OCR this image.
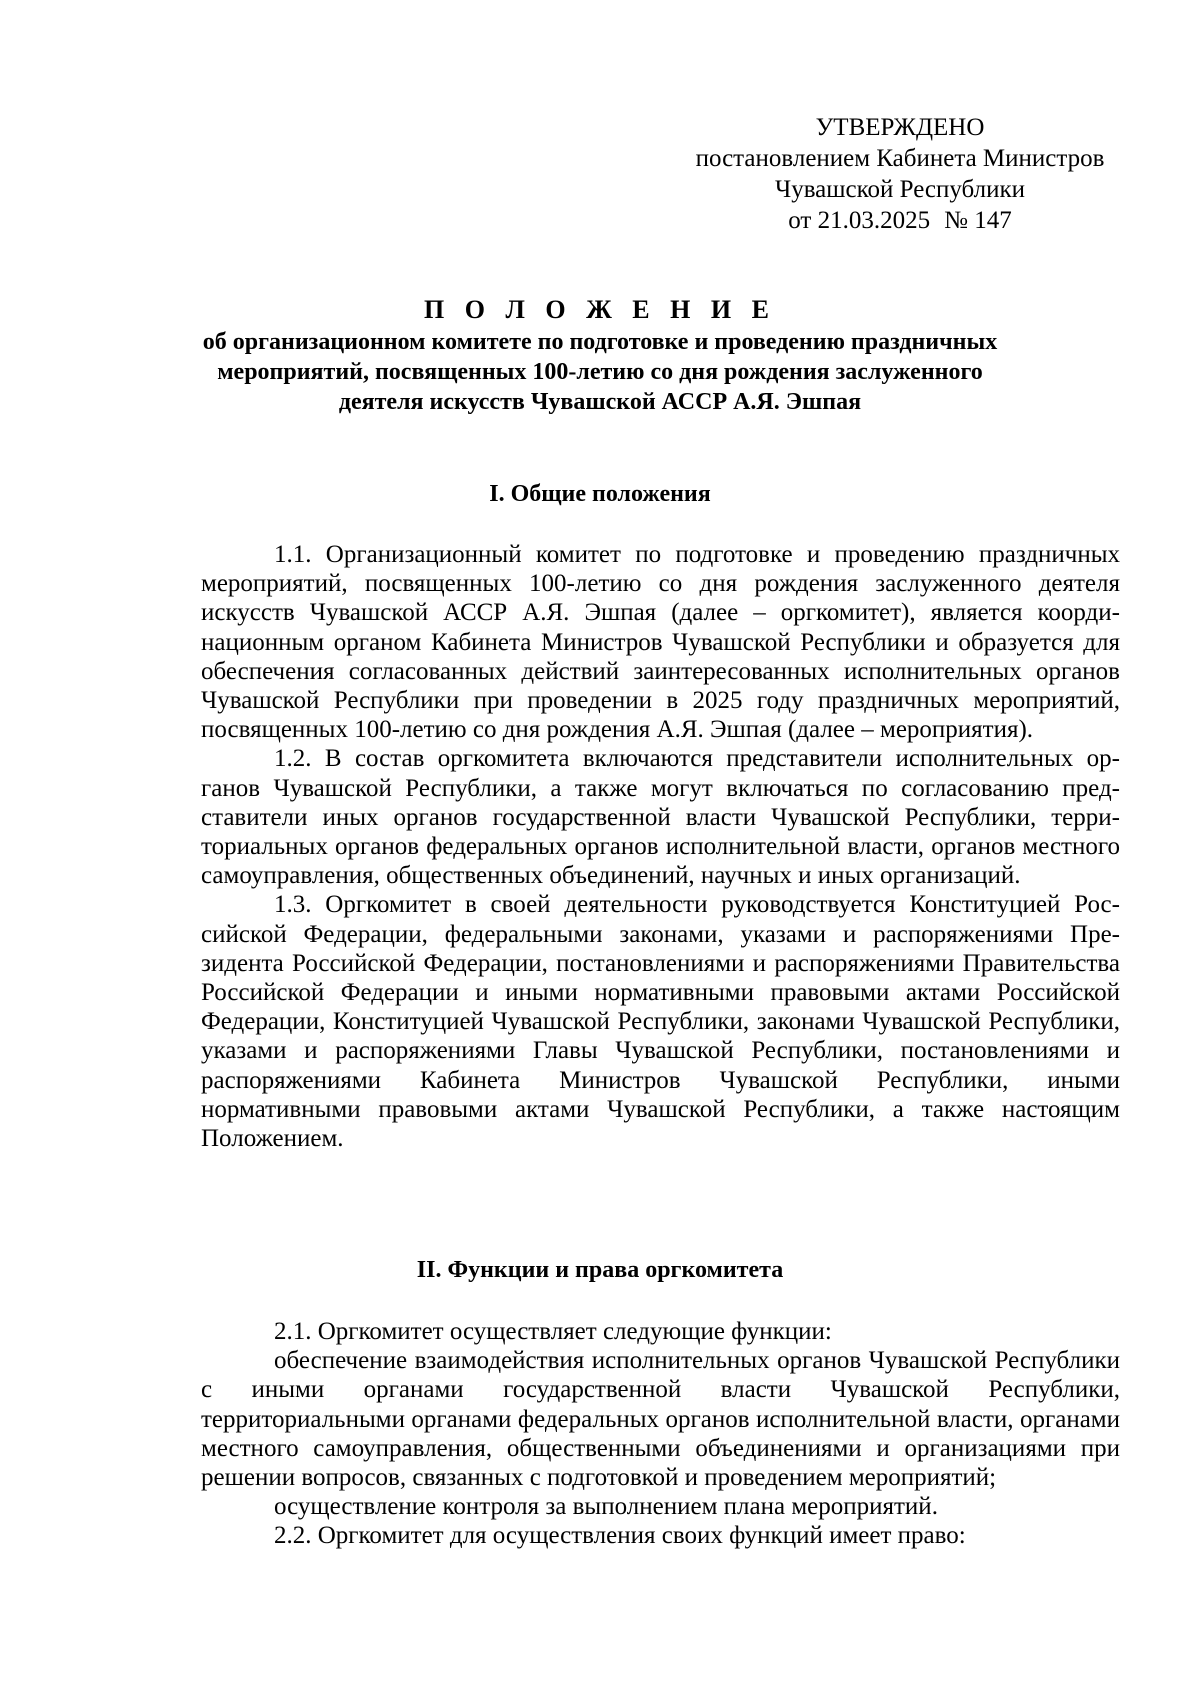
УТВЕРЖДЕНО
постановлением Кабинета Министров
Чувашской Республики
от 21.03.2025 № 147
П О Л О Ж Е Н И Е
об организационном комитете по подготовке и проведению праздничных
мероприятий, посвященных 100-летию со дня рождения заслуженного
деятеля искусств Чувашской АССР А.Я. Эшпая
I. Общие положения

1.1. Организационный комитет по подготовке и проведению праздничных мероприятий, посвященных 100-летию со дня рождения заслуженного деятеля искусств Чувашской АССР А.Я. Эшпая (далее – оргкомитет), является координационным органом Кабинета Министров Чувашской Республики и образуется для обеспечения согласованных действий заинтересованных исполнительных органов Чувашской Республики при проведении в 2025 году праздничных мероприятий, посвященных 100-летию со дня рождения А.Я. Эшпая (далее – мероприятия).

1.2. В состав оргкомитета включаются представители исполнительных органов Чувашской Республики, а также могут включаться по согласованию представители иных органов государственной власти Чувашской Республики, территориальных органов федеральных органов исполнительной власти, органов местного самоуправления, общественных объединений, научных и иных организаций.

1.3. Оргкомитет в своей деятельности руководствуется Конституцией Российской Федерации, федеральными законами, указами и распоряжениями Президента Российской Федерации, постановлениями и распоряжениями Правительства Российской Федерации и иными нормативными правовыми актами Российской Федерации, Конституцией Чувашской Республики, законами Чувашской Республики, указами и распоряжениями Главы Чувашской Республики, постановлениями и распоряжениями Кабинета Министров Чувашской Республики, иными нормативными правовыми актами Чувашской Республики, а также настоящим Положением.

II. Функции и права оргкомитета

2.1. Оргкомитет осуществляет следующие функции:

обеспечение взаимодействия исполнительных органов Чувашской Республики с иными органами государственной власти Чувашской Республики, территориальными органами федеральных органов исполнительной власти, органами местного самоуправления, общественными объединениями и организациями при решении вопросов, связанных с подготовкой и проведением мероприятий;

осуществление контроля за выполнением плана мероприятий.

2.2. Оргкомитет для осуществления своих функций имеет право:
